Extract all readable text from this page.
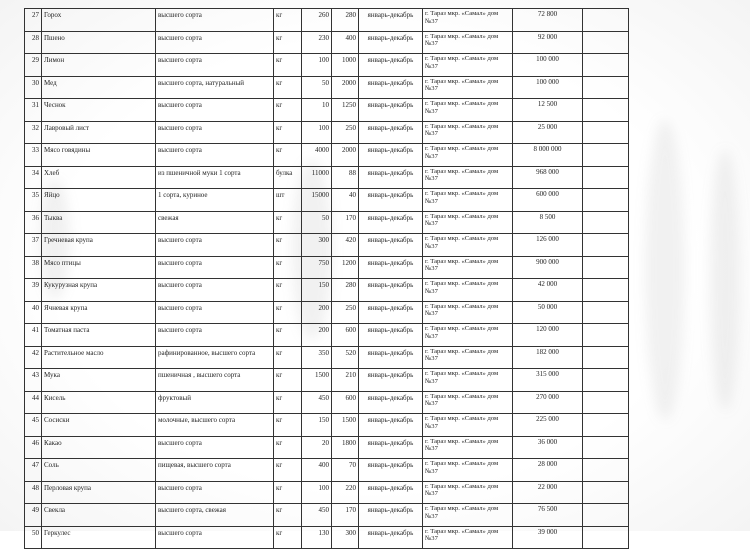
27	Горох	высшего сорта	кг	260	280	январь-декабрь	г. Тараз мкр. «Самал» дом №37	72 800	
28	Пшено	высшего сорта	кг	230	400	январь-декабрь	г. Тараз мкр. «Самал» дом №37	92 000	
29	Лимон	высшего сорта	кг	100	1000	январь-декабрь	г. Тараз мкр. «Самал» дом №37	100 000	
30	Мед	высшего сорта, натуральный	кг	50	2000	январь-декабрь	г. Тараз мкр. «Самал» дом №37	100 000	
31	Чеснок	высшего сорта	кг	10	1250	январь-декабрь	г. Тараз мкр. «Самал» дом №37	12 500	
32	Лавровый лист	высшего сорта	кг	100	250	январь-декабрь	г. Тараз мкр. «Самал» дом №37	25 000	
33	Мясо говядины	высшего сорта	кг	4000	2000	январь-декабрь	г. Тараз мкр. «Самал» дом №37	8 000 000	
34	Хлеб	из пшеничной муки 1 сорта	булка	11000	88	январь-декабрь	г. Тараз мкр. «Самал» дом №37	968 000	
35	Яйцо	1 сорта, куриное	шт	15000	40	январь-декабрь	г. Тараз мкр. «Самал» дом №37	600 000	
36	Тыква	свежая	кг	50	170	январь-декабрь	г. Тараз мкр. «Самал» дом №37	8 500	
37	Гречневая крупа	высшего сорта	кг	300	420	январь-декабрь	г. Тараз мкр. «Самал» дом №37	126 000	
38	Мясо птицы	высшего сорта	кг	750	1200	январь-декабрь	г. Тараз мкр. «Самал» дом №37	900 000	
39	Кукурузная крупа	высшего сорта	кг	150	280	январь-декабрь	г. Тараз мкр. «Самал» дом №37	42 000	
40	Ячневая крупа	высшего сорта	кг	200	250	январь-декабрь	г. Тараз мкр. «Самал» дом №37	50 000	
41	Томатная паста	высшего сорта	кг	200	600	январь-декабрь	г. Тараз мкр. «Самал» дом №37	120 000	
42	Растительное масло	рафинированное, высшего сорта	кг	350	520	январь-декабрь	г. Тараз мкр. «Самал» дом №37	182 000	
43	Мука	пшеничная , высшего сорта	кг	1500	210	январь-декабрь	г. Тараз мкр. «Самал» дом №37	315 000	
44	Кисель	фруктовый	кг	450	600	январь-декабрь	г. Тараз мкр. «Самал» дом №37	270 000	
45	Сосиски	молочные, высшего сорта	кг	150	1500	январь-декабрь	г. Тараз мкр. «Самал» дом №37	225 000	
46	Какао	высшего сорта	кг	20	1800	январь-декабрь	г. Тараз мкр. «Самал» дом №37	36 000	
47	Соль	пищевая, высшего сорта	кг	400	70	январь-декабрь	г. Тараз мкр. «Самал» дом №37	28 000	
48	Перловая крупа	высшего сорта	кг	100	220	январь-декабрь	г. Тараз мкр. «Самал» дом №37	22 000	
49	Свекла	высшего сорта, свежая	кг	450	170	январь-декабрь	г. Тараз мкр. «Самал» дом №37	76 500	
50	Геркулес	высшего сорта	кг	130	300	январь-декабрь	г. Тараз мкр. «Самал» дом №37	39 000	
